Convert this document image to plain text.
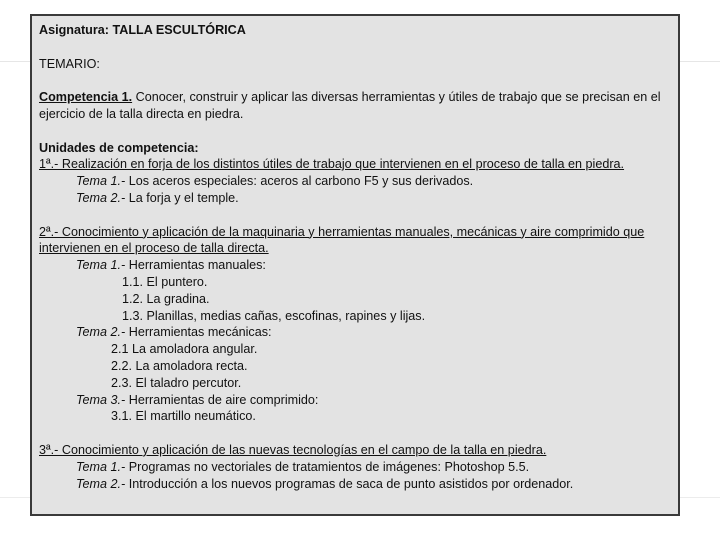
Asignatura: TALLA ESCULTÓRICA

TEMARIO:

Competencia 1. Conocer, construir y aplicar las diversas herramientas y útiles de trabajo que se precisan en el ejercicio de la talla directa en piedra.

Unidades de competencia:

1ª.- Realización en forja de los distintos útiles de trabajo que intervienen en el proceso de talla en piedra.

Tema 1.- Los aceros especiales: aceros al carbono F5 y sus derivados.

Tema 2.- La forja y el temple.

2ª.- Conocimiento y aplicación de la maquinaria y herramientas manuales, mecánicas y aire comprimido que intervienen en el proceso de talla directa.

Tema 1.- Herramientas manuales:

1.1. El puntero.

1.2. La gradina.

1.3. Planillas, medias cañas, escofinas, rapines y lijas.

Tema 2.- Herramientas mecánicas:

2.1 La amoladora angular.

2.2. La amoladora recta.

2.3. El taladro percutor.

Tema 3.- Herramientas de aire comprimido:

3.1. El martillo neumático.

3ª.- Conocimiento y aplicación de las nuevas tecnologías en el campo de la talla en piedra.

Tema 1.- Programas no vectoriales de tratamientos de imágenes: Photoshop 5.5.

Tema 2.- Introducción a los nuevos programas de saca de punto asistidos por ordenador.
